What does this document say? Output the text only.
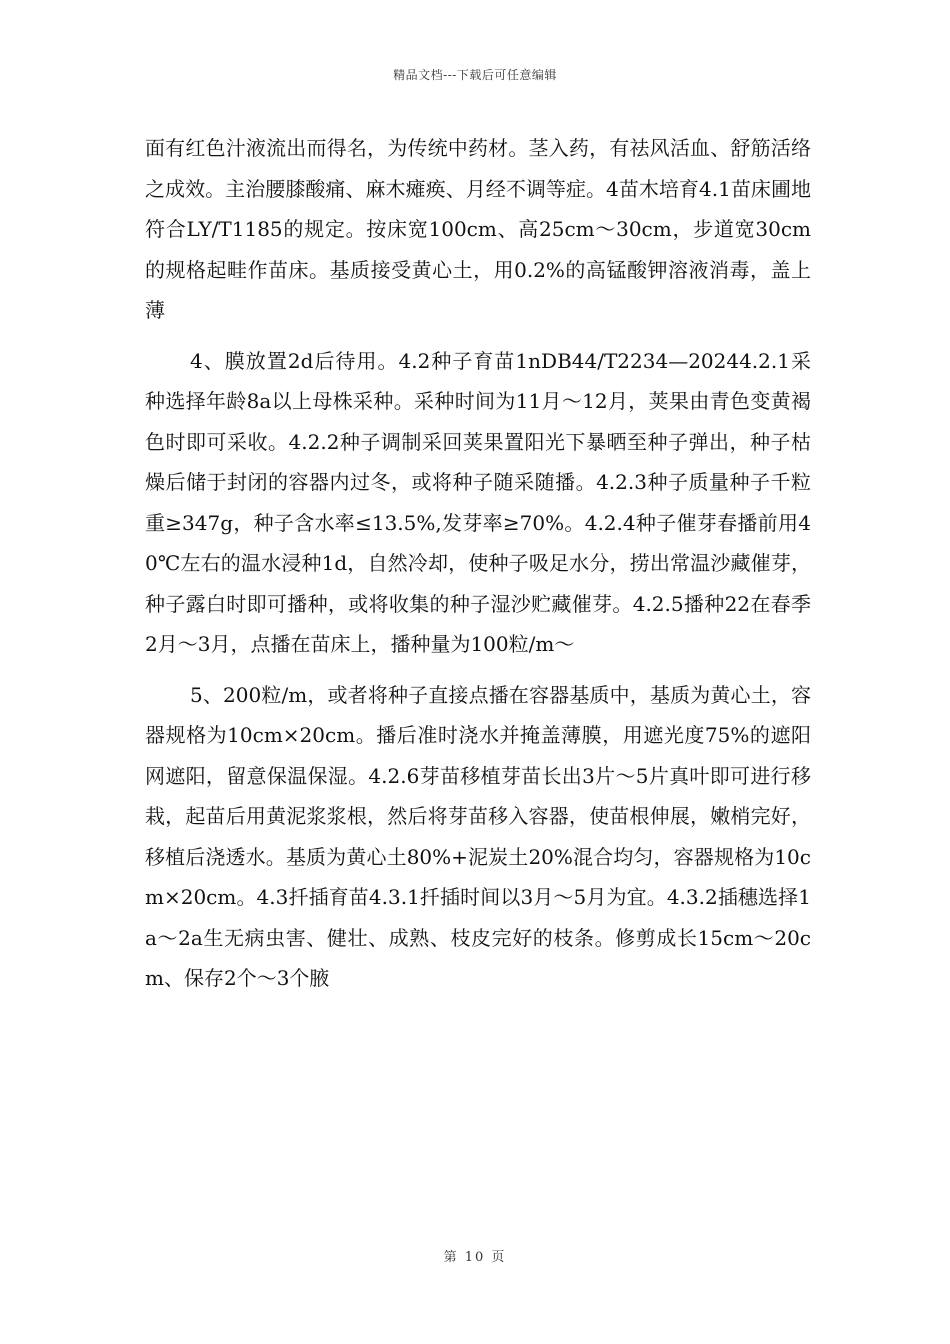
精品文档---下载后可任意编辑

面有红色汁液流出而得名，为传统中药材。茎入药，有祛风活血、舒筋活络之成效。主治腰膝酸痛、麻木瘫痪、月经不调等症。4苗木培育4.1苗床圃地符合LY/T1185的规定。按床宽100cm、高25cm～30cm，步道宽30cm的规格起畦作苗床。基质接受黄心土，用0.2%的高锰酸钾溶液消毒，盖上薄

4、膜放置2d后待用。4.2种子育苗1nDB44/T2234—20244.2.1采种选择年龄8a以上母株采种。采种时间为11月～12月，荚果由青色变黄褐色时即可采收。4.2.2种子调制采回荚果置阳光下暴晒至种子弹出，种子枯燥后储于封闭的容器内过冬，或将种子随采随播。4.2.3种子质量种子千粒重≥347g，种子含水率≤13.5%,发芽率≥70%。4.2.4种子催芽春播前用40℃左右的温水浸种1d，自然冷却，使种子吸足水分，捞出常温沙藏催芽，种子露白时即可播种，或将收集的种子湿沙贮藏催芽。4.2.5播种22在春季2月～3月，点播在苗床上，播种量为100粒/m～

5、200粒/m，或者将种子直接点播在容器基质中，基质为黄心土，容器规格为10cm×20cm。播后准时浇水并掩盖薄膜，用遮光度75%的遮阳网遮阳，留意保温保湿。4.2.6芽苗移植芽苗长出3片～5片真叶即可进行移栽，起苗后用黄泥浆浆根，然后将芽苗移入容器，使苗根伸展，嫩梢完好，移植后浇透水。基质为黄心土80%+泥炭土20%混合均匀，容器规格为10cm×20cm。4.3扦插育苗4.3.1扦插时间以3月～5月为宜。4.3.2插穗选择1a～2a生无病虫害、健壮、成熟、枝皮完好的枝条。修剪成长15cm～20cm、保存2个～3个腋

第 10 页
